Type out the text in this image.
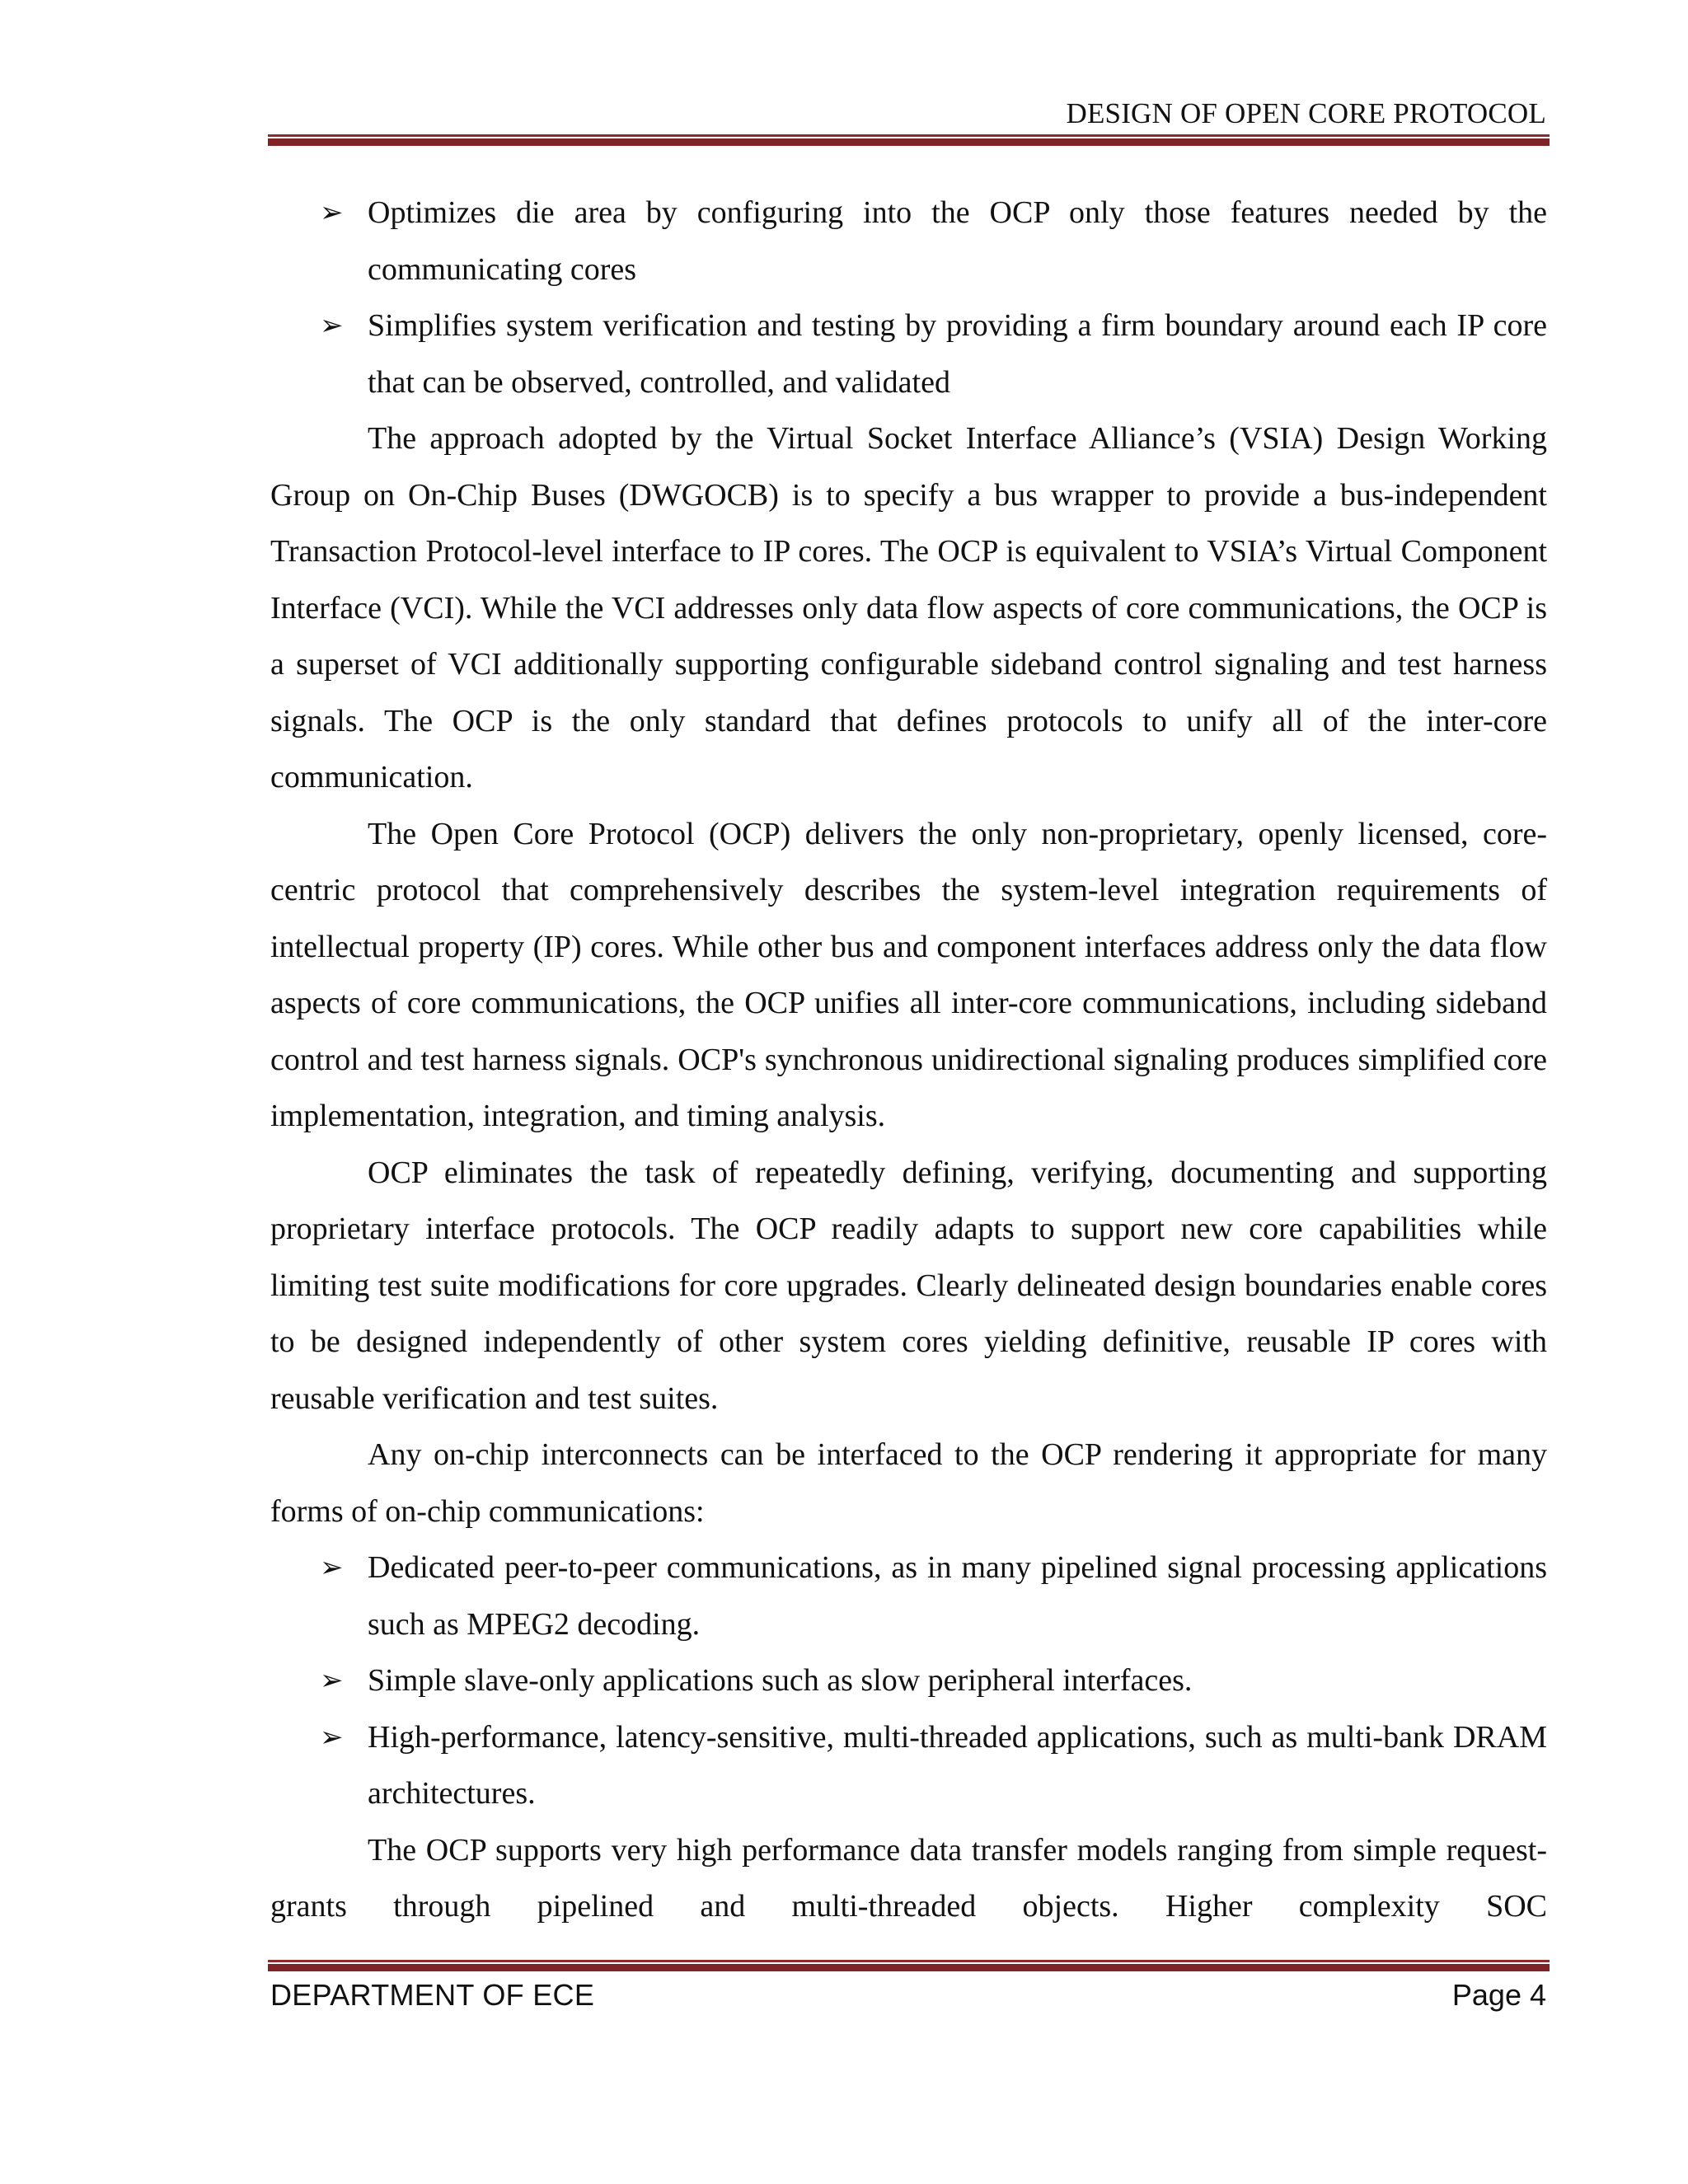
DESIGN OF OPEN CORE PROTOCOL

➢ Optimizes die area by configuring into the OCP only those features needed by the communicating cores

➢ Simplifies system verification and testing by providing a firm boundary around each IP core that can be observed, controlled, and validated

The approach adopted by the Virtual Socket Interface Alliance’s (VSIA) Design Working Group on On-Chip Buses (DWGOCB) is to specify a bus wrapper to provide a bus-independent Transaction Protocol-level interface to IP cores. The OCP is equivalent to VSIA’s Virtual Component Interface (VCI). While the VCI addresses only data flow aspects of core communications, the OCP is a superset of VCI additionally supporting configurable sideband control signaling and test harness signals. The OCP is the only standard that defines protocols to unify all of the inter-core communication.

The Open Core Protocol (OCP) delivers the only non-proprietary, openly licensed, core-centric protocol that comprehensively describes the system-level integration requirements of intellectual property (IP) cores. While other bus and component interfaces address only the data flow aspects of core communications, the OCP unifies all inter-core communications, including sideband control and test harness signals. OCP's synchronous unidirectional signaling produces simplified core implementation, integration, and timing analysis.

OCP eliminates the task of repeatedly defining, verifying, documenting and supporting proprietary interface protocols. The OCP readily adapts to support new core capabilities while limiting test suite modifications for core upgrades. Clearly delineated design boundaries enable cores to be designed independently of other system cores yielding definitive, reusable IP cores with reusable verification and test suites.

Any on-chip interconnects can be interfaced to the OCP rendering it appropriate for many forms of on-chip communications:

➢ Dedicated peer-to-peer communications, as in many pipelined signal processing applications such as MPEG2 decoding.

➢ Simple slave-only applications such as slow peripheral interfaces.

➢ High-performance, latency-sensitive, multi-threaded applications, such as multi-bank DRAM architectures.

The OCP supports very high performance data transfer models ranging from simple request-grants through pipelined and multi-threaded objects. Higher complexity SOC

DEPARTMENT OF ECE	Page 4
